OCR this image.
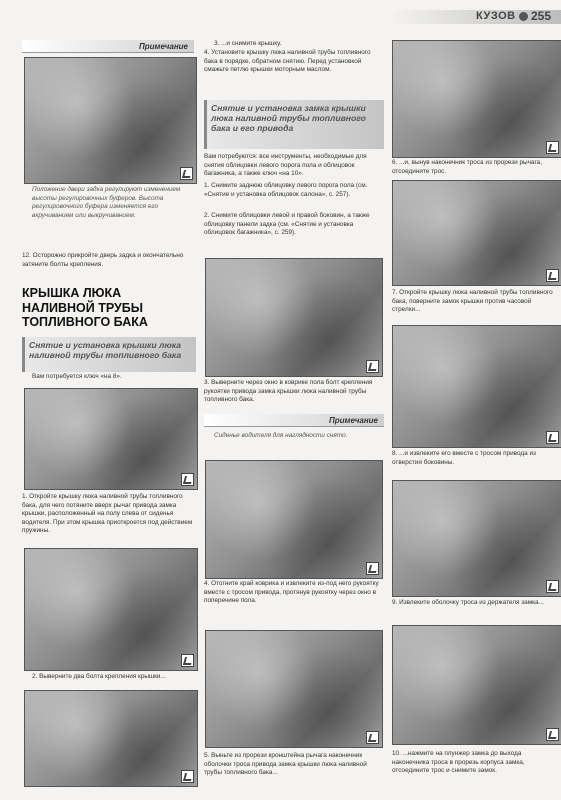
КУЗОВ 255
Примечание
Положение двери задка регулируют изменением высоты регулировочных буферов. Высота регулировочного буфера изменяется его вкручиванием или выкручиванием.
12. Осторожно прикройте дверь задка и окончательно затяните болты крепления.
КРЫШКА ЛЮКА НАЛИВНОЙ ТРУБЫ ТОПЛИВНОГО БАКА
Снятие и установка крышки люка наливной трубы топливного бака
Вам потребуется ключ «на 8».
1. Откройте крышку люка наливной трубы топливного бака, для чего потяните вверх рычаг привода замка крышки, расположенный на полу слева от сиденья водителя. При этом крышка приоткроется под действием пружины.
2. Выверните два болта крепления крышки...
3. ...и снимите крышку.
4. Установите крышку люка наливной трубы топливного бака в порядке, обратном снятию. Перед установкой смажьте петлю крышки моторным маслом.
Снятие и установка замка крышки люка наливной трубы топливного бака и его привода
Вам потребуются: все инструменты, необходимые для снятия облицовки левого порога пола и облицовок багажника, а также ключ «на 10».
1. Снимите заднюю облицовку левого порога пола (см. «Снятие и установка облицовок салона», с. 257).
2. Снимите облицовки левой и правой боковин, а также облицовку панели задка (см. «Снятие и установка облицовок багажника», с. 259).
3. Выверните через окно в коврике пола болт крепления рукоятки привода замка крышки люка наливной трубы топливного бака.
Примечание
Сиденье водителя для наглядности снято.
4. Отогните край коврика и извлеките из-под него рукоятку вместе с тросом привода, протянув рукоятку через окно в поперечине пола.
5. Выньте из прорези кронштейна рычага наконечник оболочки троса привода замка крышки люка наливной трубы топливного бака...
6. ...и, вынув наконечник троса из прорези рычага, отсоедините трос.
7. Откройте крышку люка наливной трубы топливного бака, поверните замок крышки против часовой стрелки...
8. ...и извлеките его вместе с тросом привода из отверстия боковины.
9. Извлеките оболочку троса из держателя замка...
10. ...нажмите на плунжер замка до выхода наконечника троса в прорезь корпуса замка, отсоедините трос и снимите замок.
